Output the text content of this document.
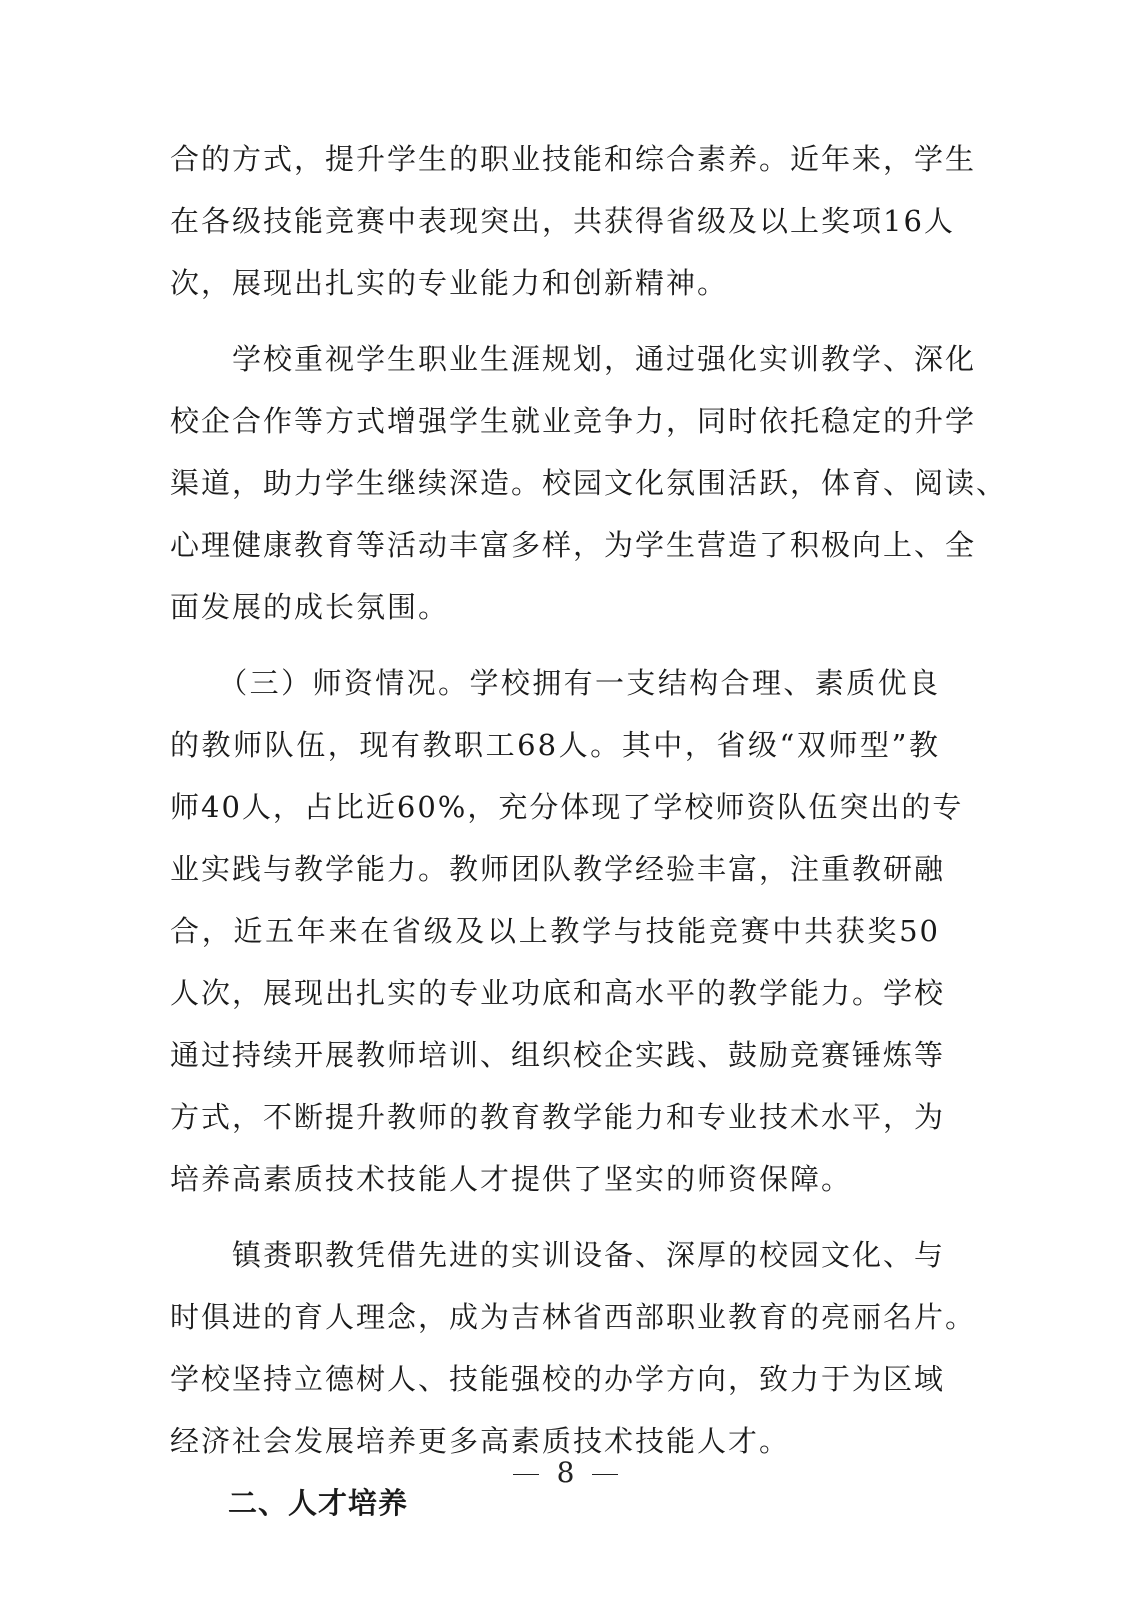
合的方式，提升学生的职业技能和综合素养。近年来，学生
在各级技能竞赛中表现突出，共获得省级及以上奖项16人
次，展现出扎实的专业能力和创新精神。
　　学校重视学生职业生涯规划，通过强化实训教学、深化
校企合作等方式增强学生就业竞争力，同时依托稳定的升学
渠道，助力学生继续深造。校园文化氛围活跃，体育、阅读、
心理健康教育等活动丰富多样，为学生营造了积极向上、全
面发展的成长氛围。
　　（三）师资情况。学校拥有一支结构合理、素质优良
的教师队伍，现有教职工68人。其中，省级“双师型”教
师40人，占比近60%，充分体现了学校师资队伍突出的专
业实践与教学能力。教师团队教学经验丰富，注重教研融
合，近五年来在省级及以上教学与技能竞赛中共获奖50
人次，展现出扎实的专业功底和高水平的教学能力。学校
通过持续开展教师培训、组织校企实践、鼓励竞赛锤炼等
方式，不断提升教师的教育教学能力和专业技术水平，为
培养高素质技术技能人才提供了坚实的师资保障。
　　镇赉职教凭借先进的实训设备、深厚的校园文化、与
时俱进的育人理念，成为吉林省西部职业教育的亮丽名片。
学校坚持立德树人、技能强校的办学方向，致力于为区域
经济社会发展培养更多高素质技术技能人才。
二、人才培养
8
